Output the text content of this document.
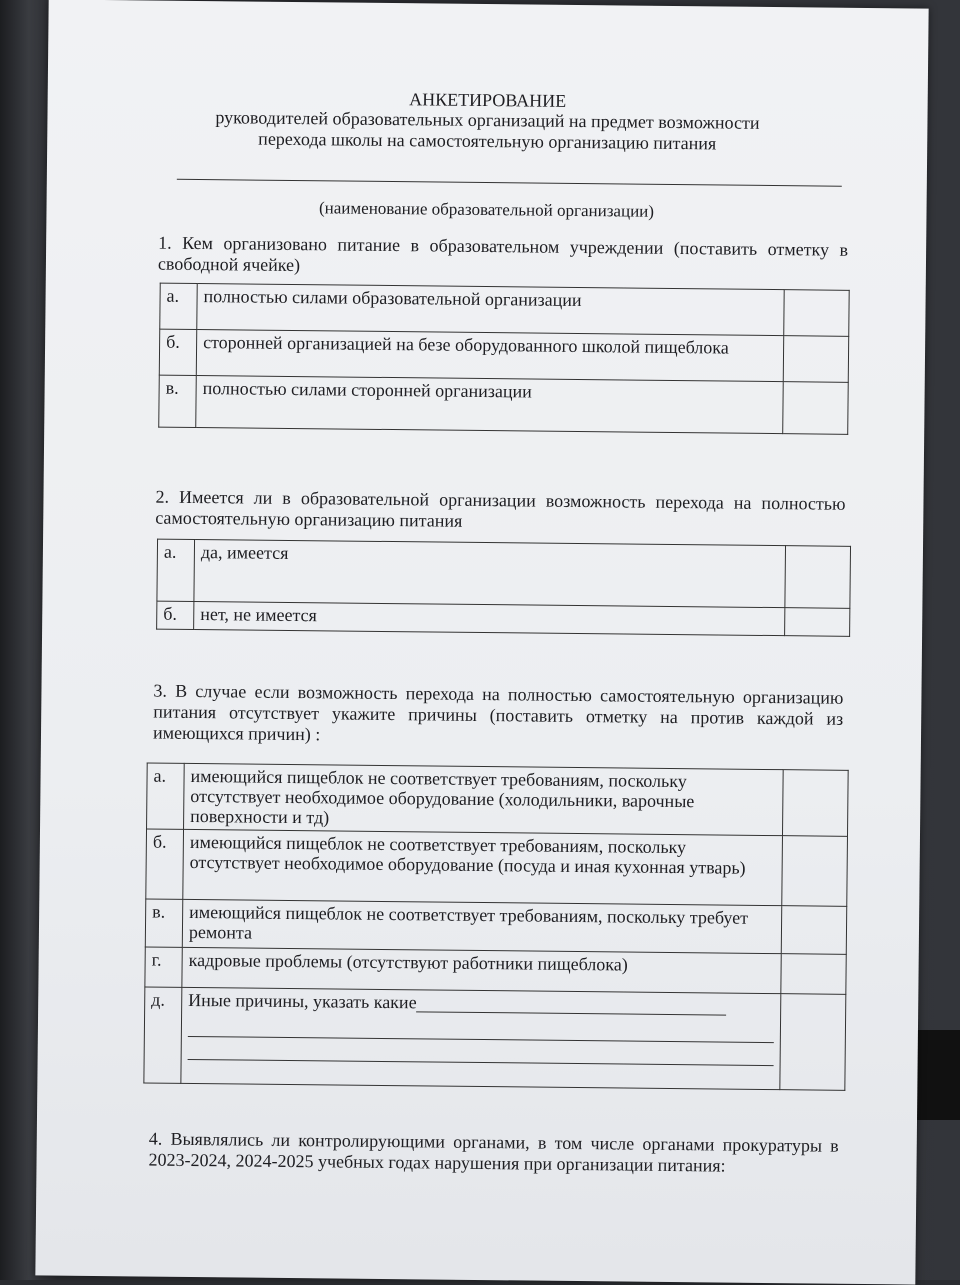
АНКЕТИРОВАНИЕ
руководителей образовательных организаций на предмет возможности
перехода школы на самостоятельную организацию питания
(наименование образовательной организации)
1. Кем организовано питание в образовательном учреждении (поставить отметку в свободной ячейке)
а.	полностью силами образовательной организации	
б.	сторонней организацией на безе оборудованного школой пищеблока	
в.	полностью силами сторонней организации	
2. Имеется ли в образовательной организации возможность перехода на полностью самостоятельную организацию питания
а.	да, имеется	
б.	нет, не имеется	
3. В случае если возможность перехода на полностью самостоятельную организацию питания отсутствует укажите причины (поставить отметку на против каждой из имеющихся причин) :
а.	имеющийся пищеблок не соответствует требованиям, поскольку отсутствует необходимое оборудование (холодильники, варочные поверхности и тд)	
б.	имеющийся пищеблок не соответствует требованиям, поскольку отсутствует необходимое оборудование (посуда и иная кухонная утварь)	
в.	имеющийся пищеблок не соответствует требованиям, поскольку требует ремонта	
г.	кадровые проблемы (отсутствуют работники пищеблока)	
д.	Иные причины, указать какие

4. Выявлялись ли контролирующими органами, в том числе органами прокуратуры в 2023-2024, 2024-2025 учебных годах нарушения при организации питания:
